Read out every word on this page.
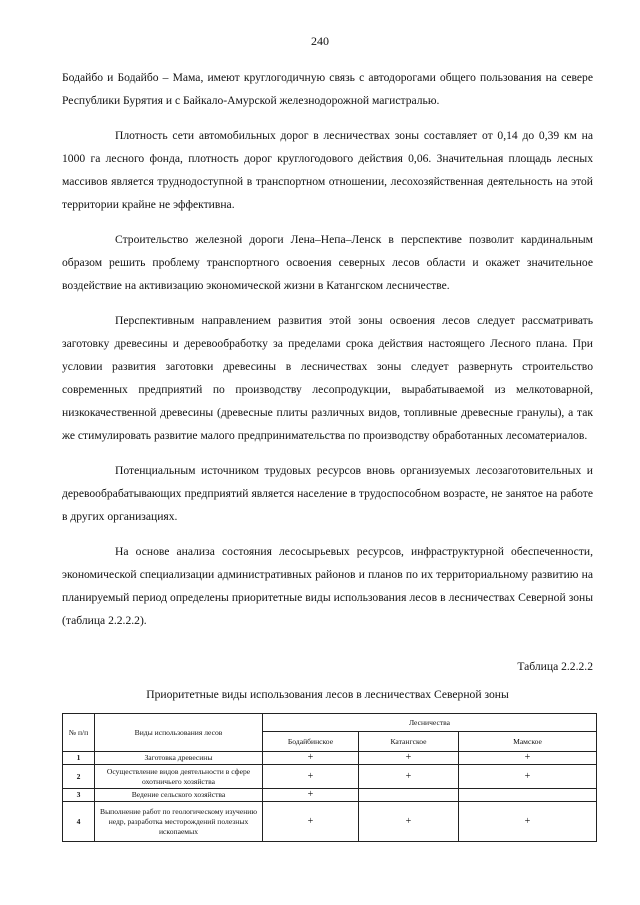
240

Бодайбо и Бодайбо – Мама, имеют круглогодичную связь с автодорогами общего пользования на севере Республики Бурятия и с Байкало-Амурской железнодорожной магистралью.

Плотность сети автомобильных дорог в лесничествах зоны составляет от 0,14 до 0,39 км на 1000 га лесного фонда, плотность дорог круглогодового действия 0,06. Значительная площадь лесных массивов является труднодоступной в транспортном отношении, лесохозяйственная деятельность на этой территории крайне не эффективна.

Строительство железной дороги Лена–Непа–Ленск в перспективе позволит кардинальным образом решить проблему транспортного освоения северных лесов области и окажет значительное воздействие на активизацию экономической жизни в Катангском лесничестве.

Перспективным направлением развития этой зоны освоения лесов следует рассматривать заготовку древесины и деревообработку за пределами срока действия настоящего Лесного плана. При условии развития заготовки древесины в лесничествах зоны следует развернуть строительство современных предприятий по производству лесопродукции, вырабатываемой из мелкотоварной, низкокачественной древесины (древесные плиты различных видов, топливные древесные гранулы), а так же стимулировать развитие малого предпринимательства по производству обработанных лесоматериалов.

Потенциальным источником трудовых ресурсов вновь организуемых лесозаготовительных и деревообрабатывающих предприятий является население в трудоспособном возрасте, не занятое на работе в других организациях.

На основе анализа состояния лесосырьевых ресурсов, инфраструктурной обеспеченности, экономической специализации административных районов и планов по их территориальному развитию на планируемый период определены приоритетные виды использования лесов в лесничествах Северной зоны (таблица 2.2.2.2).

Таблица 2.2.2.2
Приоритетные виды использования лесов в лесничествах Северной зоны
№ п/п	Виды использования лесов	Лесничества		
		Бодайбинское	Катангское	Мамское
1	Заготовка древесины	+	+	+
2	Осуществление видов деятельности в сфере охотничьего хозяйства	+	+	+
3	Ведение сельского хозяйства	+		
4	Выполнение работ по геологическому изучению недр, разработка месторождений полезных ископаемых	+	+	+
